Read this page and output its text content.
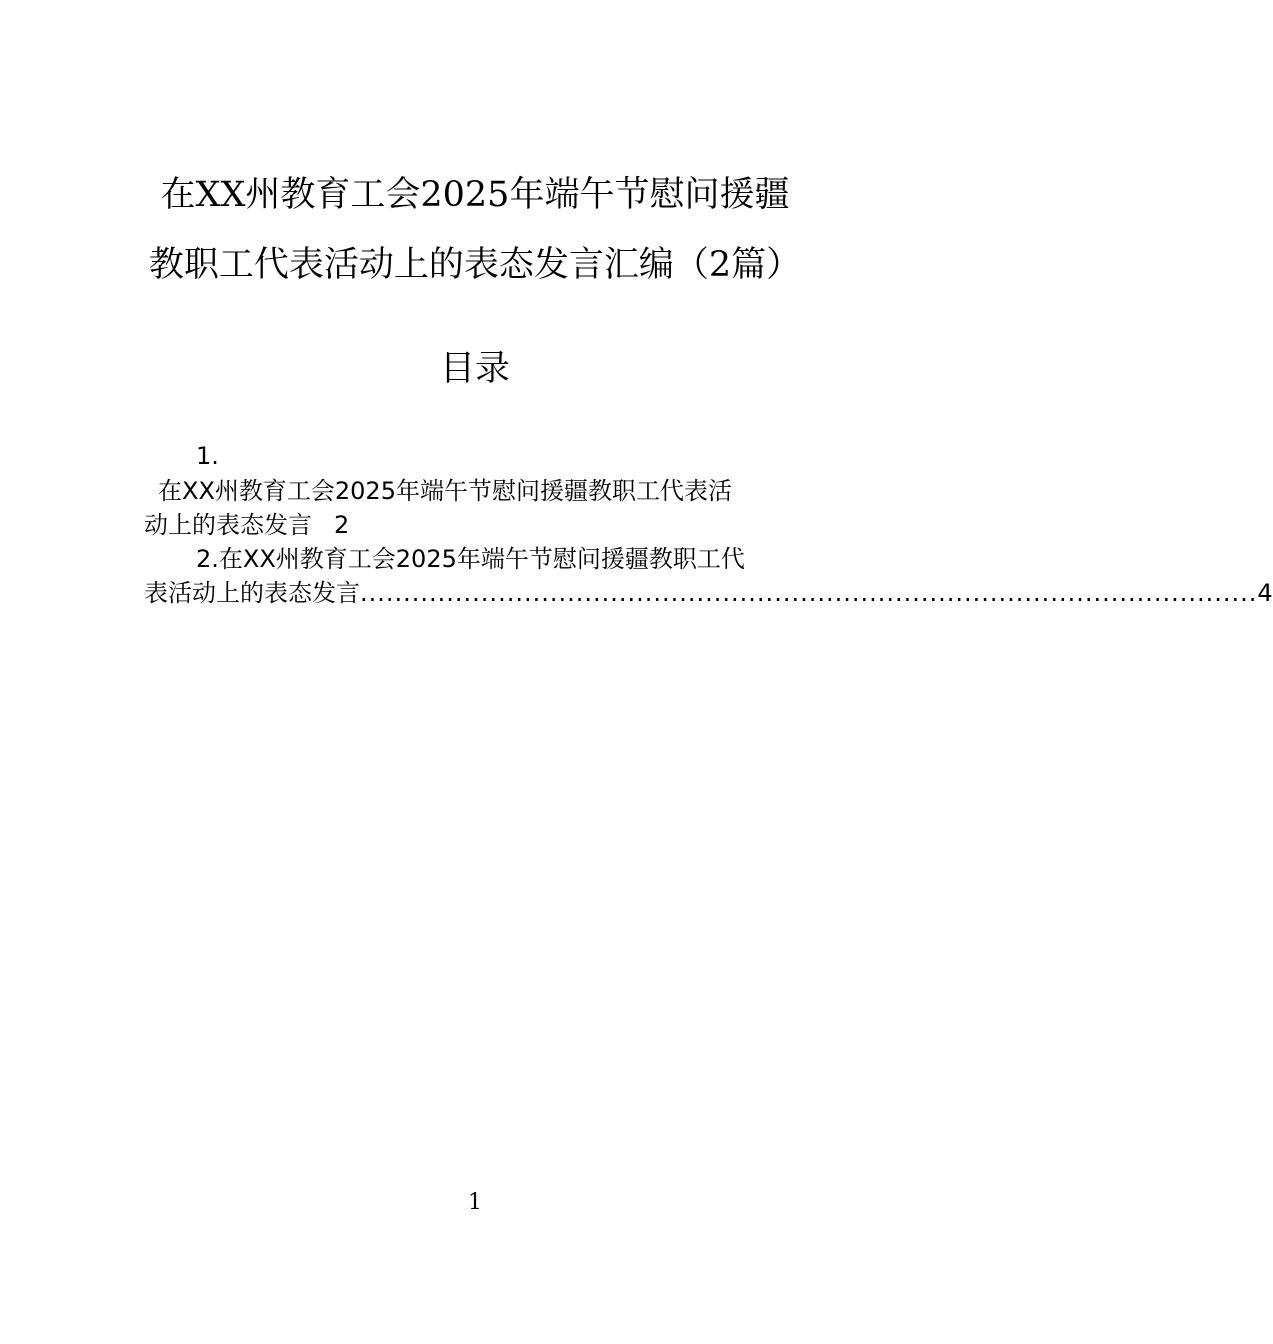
在XX州教育工会2025年端午节慰问援疆
教职工代表活动上的表态发言汇编（2篇）
目录
1.
在XX州教育工会2025年端午节慰问援疆教职工代表活
动上的表态发言 2
2.在XX州教育工会2025年端午节慰问援疆教职工代
表活动上的表态发言 ........................................................................................................ 4
1
